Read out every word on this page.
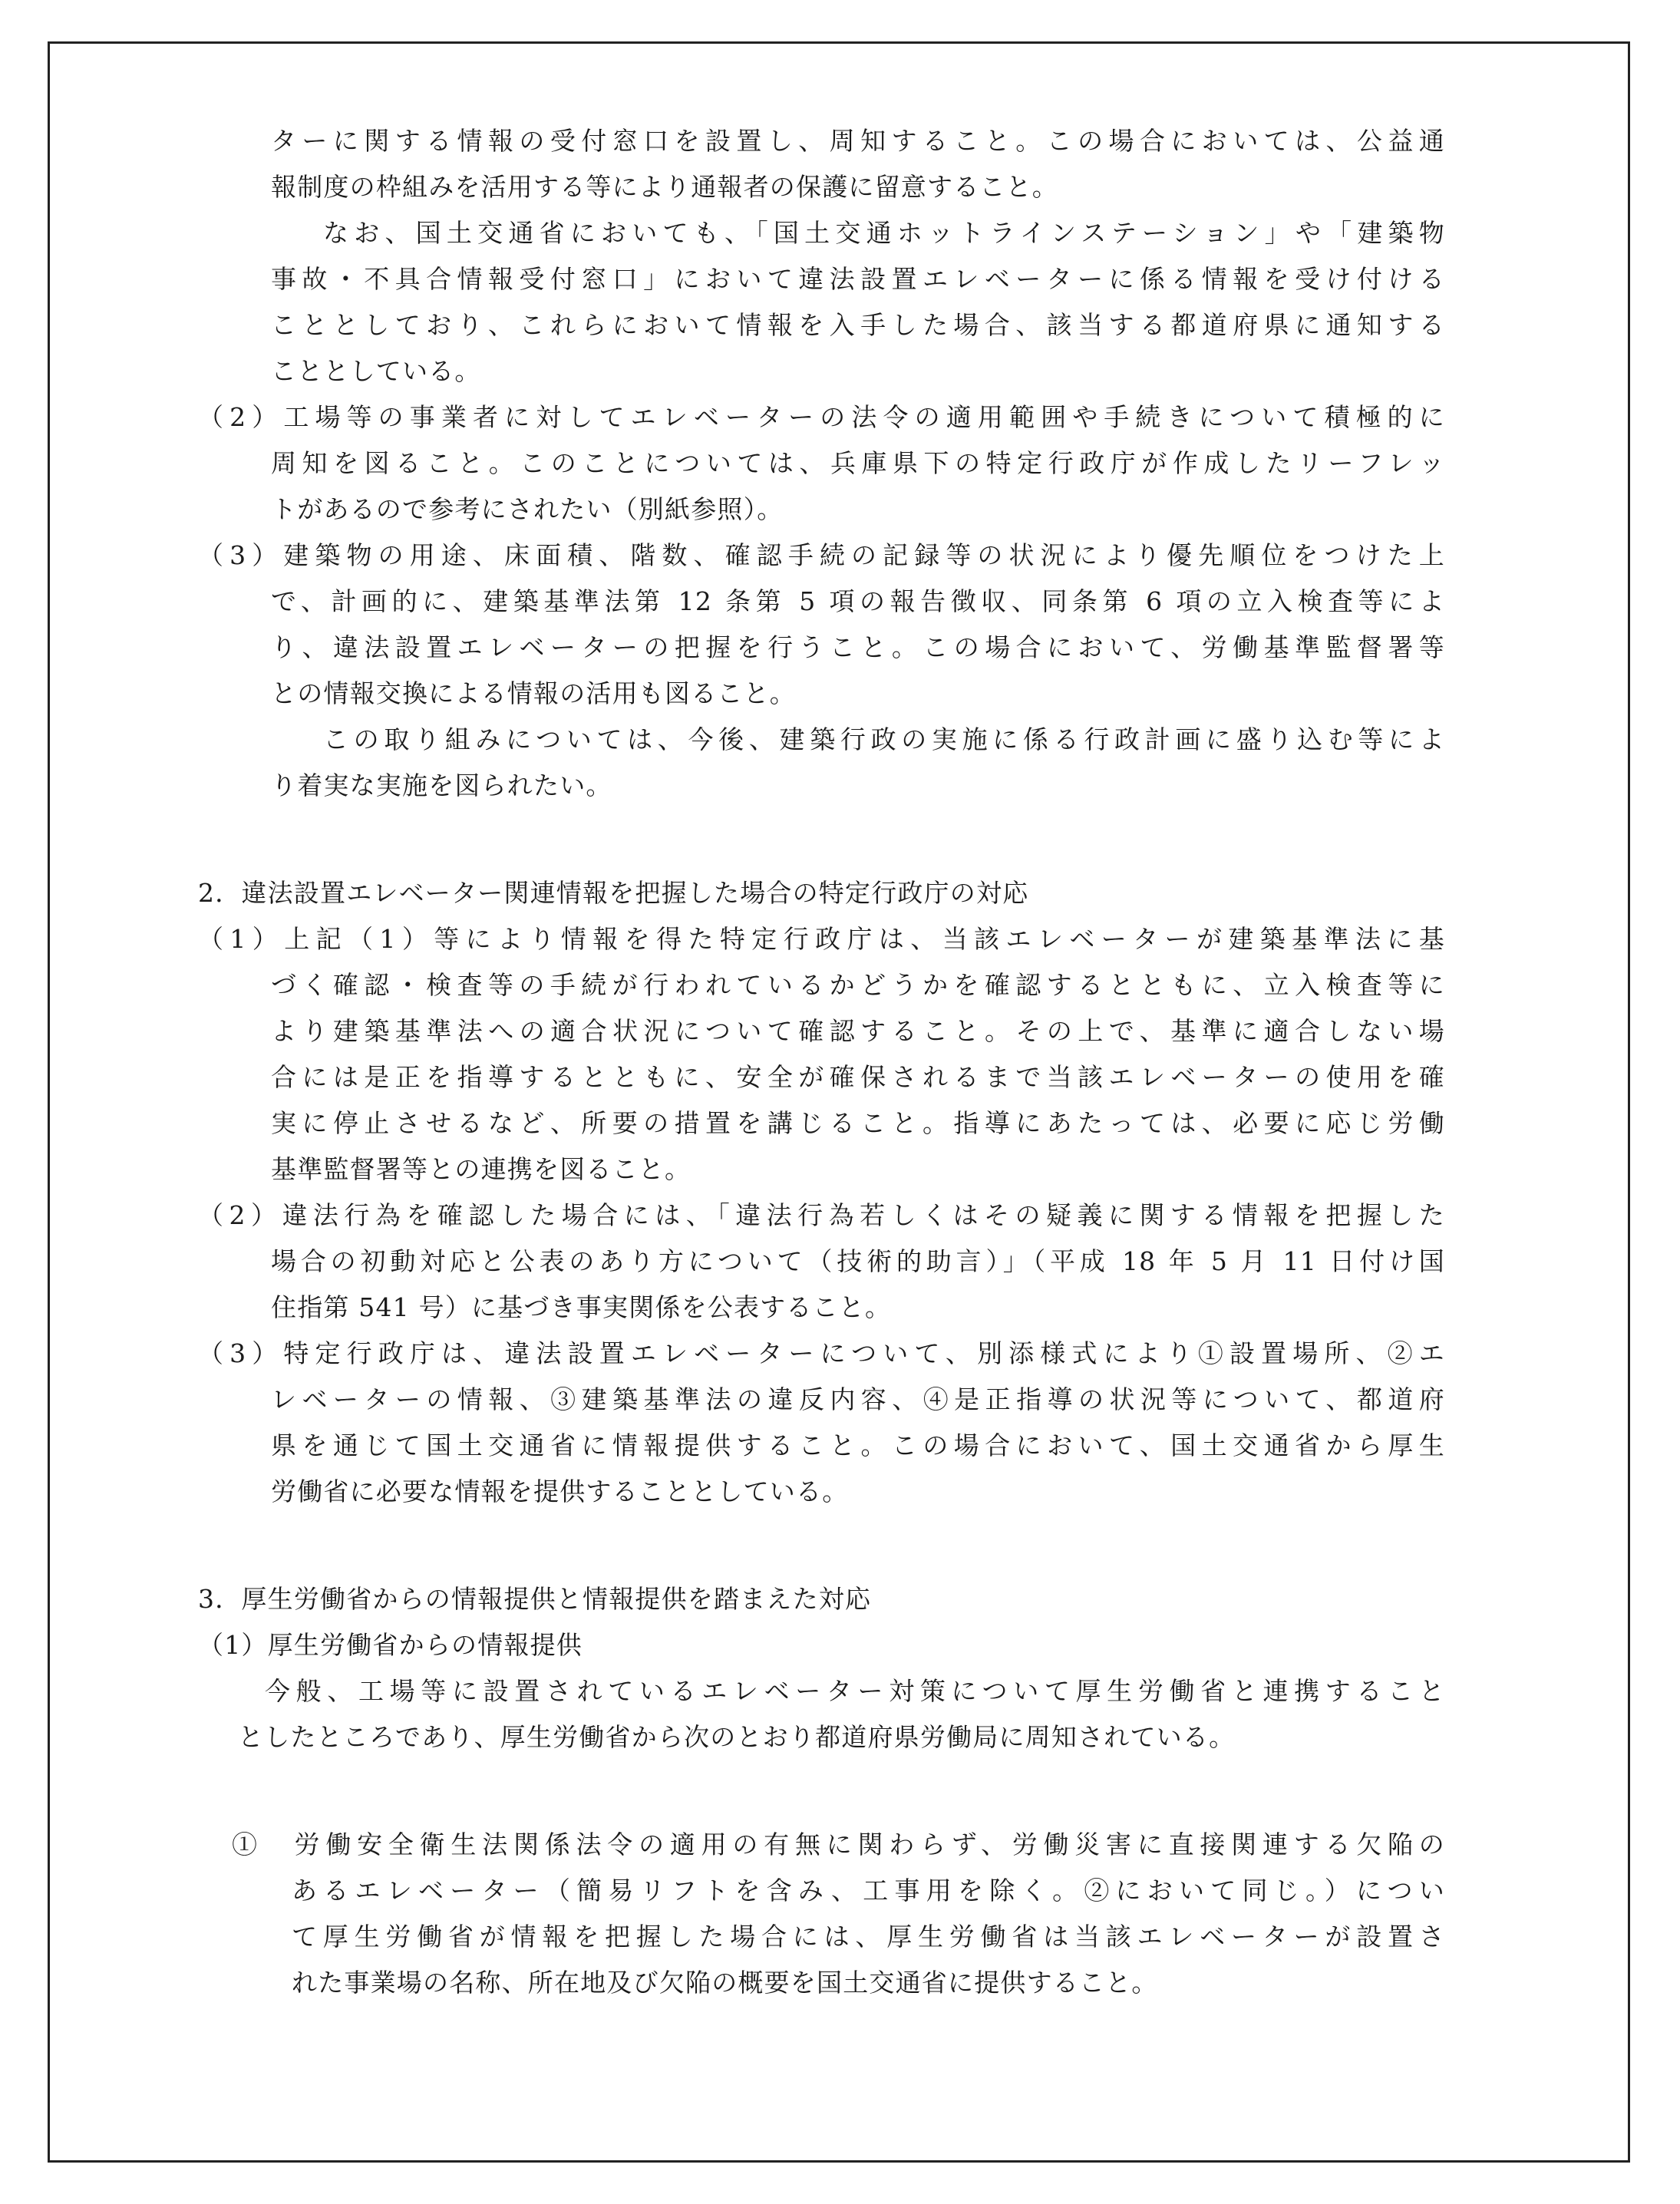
ターに関する情報の受付窓口を設置し、周知すること。この場合においては、公益通
報制度の枠組みを活用する等により通報者の保護に留意すること。
なお、国土交通省においても、「国土交通ホットラインステーション」や「建築物
事故・不具合情報受付窓口」において違法設置エレベーターに係る情報を受け付ける
こととしており、これらにおいて情報を入手した場合、該当する都道府県に通知する
こととしている。
（2）工場等の事業者に対してエレベーターの法令の適用範囲や手続きについて積極的に
周知を図ること。このことについては、兵庫県下の特定行政庁が作成したリーフレッ
トがあるので参考にされたい（別紙参照）。
（3）建築物の用途、床面積、階数、確認手続の記録等の状況により優先順位をつけた上
で、計画的に、建築基準法第 12 条第 5 項の報告徴収、同条第 6 項の立入検査等によ
り、違法設置エレベーターの把握を行うこと。この場合において、労働基準監督署等
との情報交換による情報の活用も図ること。
この取り組みについては、今後、建築行政の実施に係る行政計画に盛り込む等によ
り着実な実施を図られたい。
2．違法設置エレベーター関連情報を把握した場合の特定行政庁の対応
（1）上記（1）等により情報を得た特定行政庁は、当該エレベーターが建築基準法に基
づく確認・検査等の手続が行われているかどうかを確認するとともに、立入検査等に
より建築基準法への適合状況について確認すること。その上で、基準に適合しない場
合には是正を指導するとともに、安全が確保されるまで当該エレベーターの使用を確
実に停止させるなど、所要の措置を講じること。指導にあたっては、必要に応じ労働
基準監督署等との連携を図ること。
（2）違法行為を確認した場合には、「違法行為若しくはその疑義に関する情報を把握した
場合の初動対応と公表のあり方について（技術的助言）」（平成 18 年 5 月 11 日付け国
住指第 541 号）に基づき事実関係を公表すること。
（3）特定行政庁は、違法設置エレベーターについて、別添様式により①設置場所、②エ
レベーターの情報、③建築基準法の違反内容、④是正指導の状況等について、都道府
県を通じて国土交通省に情報提供すること。この場合において、国土交通省から厚生
労働省に必要な情報を提供することとしている。
3．厚生労働省からの情報提供と情報提供を踏まえた対応
（1）厚生労働省からの情報提供
今般、工場等に設置されているエレベーター対策について厚生労働省と連携すること
としたところであり、厚生労働省から次のとおり都道府県労働局に周知されている。
①　労働安全衛生法関係法令の適用の有無に関わらず、労働災害に直接関連する欠陥の
あるエレベーター（簡易リフトを含み、工事用を除く。②において同じ。）につい
て厚生労働省が情報を把握した場合には、厚生労働省は当該エレベーターが設置さ
れた事業場の名称、所在地及び欠陥の概要を国土交通省に提供すること。
